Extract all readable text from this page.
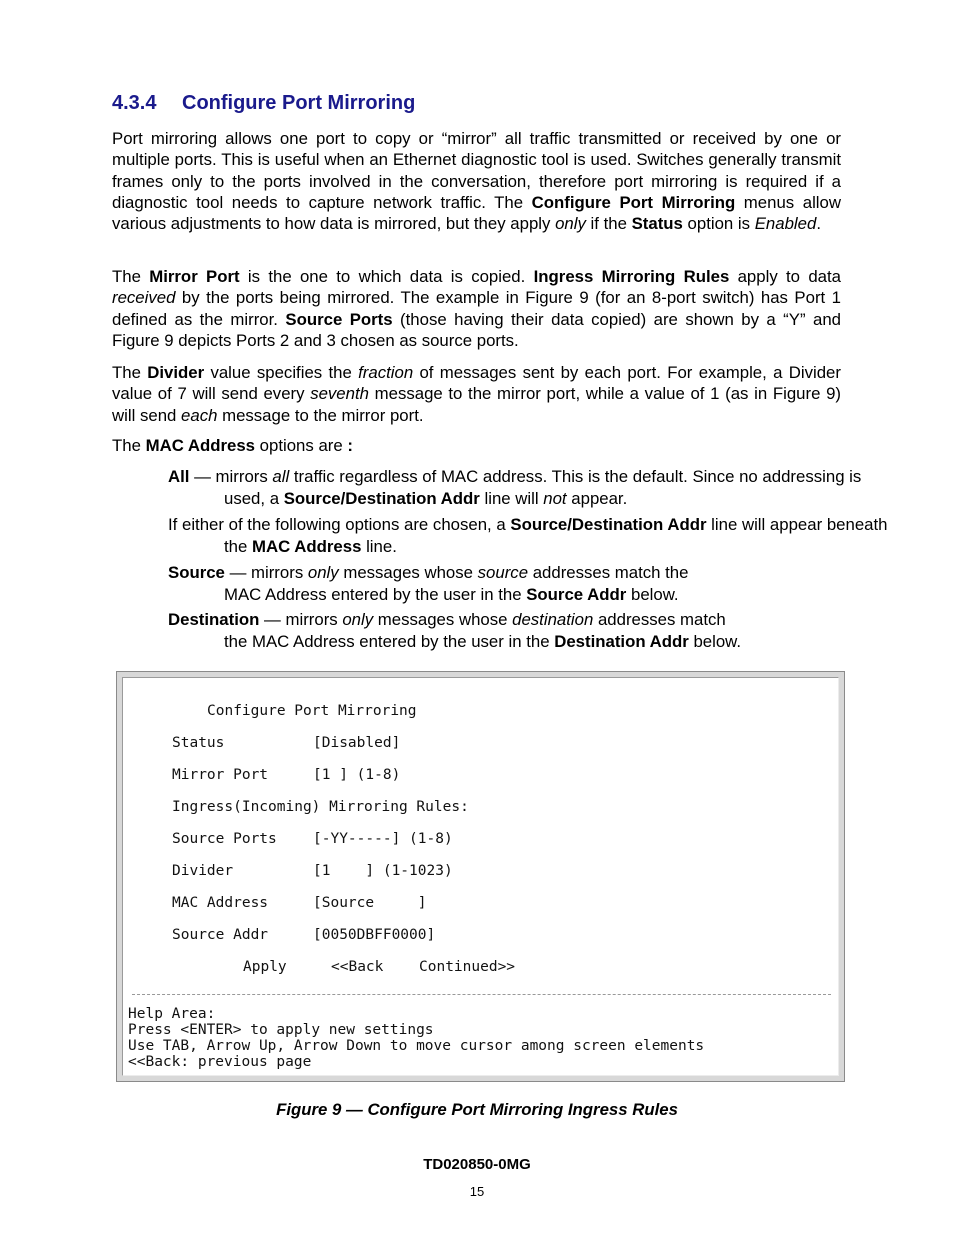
4.3.4 Configure Port Mirroring

Port mirroring allows one port to copy or “mirror” all traffic transmitted or received by one or multiple ports. This is useful when an Ethernet diagnostic tool is used. Switches generally transmit frames only to the ports involved in the conversation, therefore port mirroring is required if a diagnostic tool needs to capture network traffic. The Configure Port Mirroring menus allow various adjustments to how data is mirrored, but they apply only if the Status option is Enabled.

The Mirror Port is the one to which data is copied. Ingress Mirroring Rules apply to data received by the ports being mirrored. The example in Figure 9 (for an 8-port switch) has Port 1 defined as the mirror. Source Ports (those having their data copied) are shown by a “Y” and Figure 9 depicts Ports 2 and 3 chosen as source ports.

The Divider value specifies the fraction of messages sent by each port. For example, a Divider value of 7 will send every seventh message to the mirror port, while a value of 1 (as in Figure 9) will send each message to the mirror port.

The MAC Address options are :

All — mirrors all traffic regardless of MAC address. This is the default. Since no addressing is used, a Source/Destination Addr line will not appear.

If either of the following options are chosen, a Source/Destination Addr line will appear beneath the MAC Address line.

Source — mirrors only messages whose source addresses match the
MAC Address entered by the user in the Source Addr below.

Destination — mirrors only messages whose destination addresses match
the MAC Address entered by the user in the Destination Addr below.

Configure Port Mirroring
Status	[Disabled]
Mirror Port	[1 ] (1-8)
Ingress(Incoming) Mirroring Rules:
Source Ports [-YY-----] (1-8)
Divider	[1    ] (1-1023)
MAC Address	[Source     ]
Source Addr	[0050DBFF0000]
Apply	<<Back Continued>>
Help Area:
Press <ENTER> to apply new settings
Use TAB, Arrow Up, Arrow Down to move cursor among screen elements
<<Back: previous page
Figure 9 — Configure Port Mirroring Ingress Rules
TD020850-0MG
15
